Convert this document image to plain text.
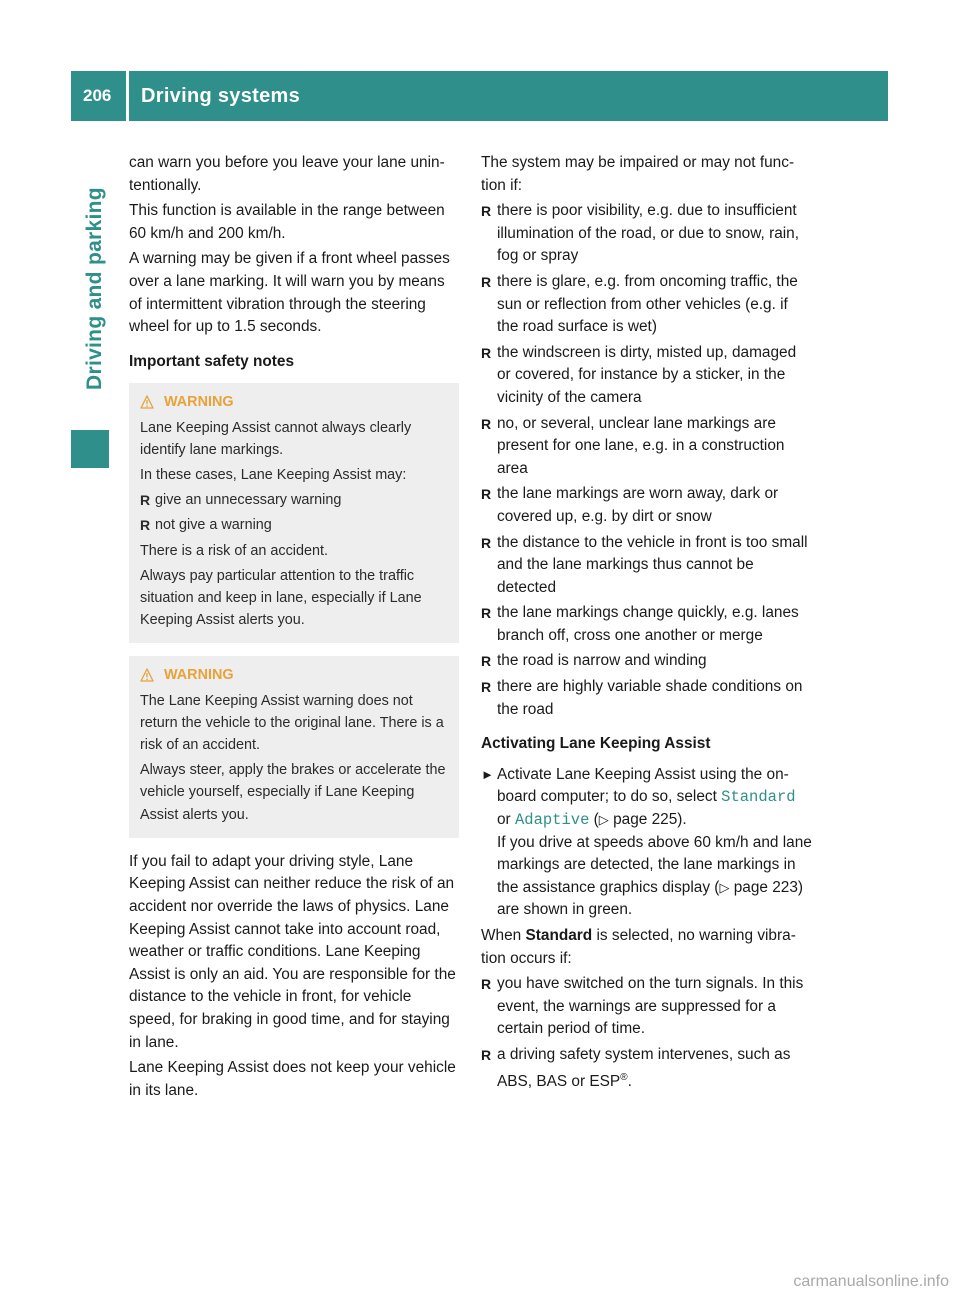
206	Driving systems
Driving and parking

can warn you before you leave your lane unintentionally.

This function is available in the range between 60 km/h and 200 km/h.

A warning may be given if a front wheel passes over a lane marking. It will warn you by means of intermittent vibration through the steering wheel for up to 1.5 seconds.

Important safety notes

WARNING

Lane Keeping Assist cannot always clearly identify lane markings.

In these cases, Lane Keeping Assist may:

R give an unnecessary warning
R not give a warning

There is a risk of an accident.

Always pay particular attention to the traffic situation and keep in lane, especially if Lane Keeping Assist alerts you.

WARNING

The Lane Keeping Assist warning does not return the vehicle to the original lane. There is a risk of an accident.

Always steer, apply the brakes or accelerate the vehicle yourself, especially if Lane Keeping Assist alerts you.

If you fail to adapt your driving style, Lane Keeping Assist can neither reduce the risk of an accident nor override the laws of physics. Lane Keeping Assist cannot take into account road, weather or traffic conditions. Lane Keeping Assist is only an aid. You are responsible for the distance to the vehicle in front, for vehicle speed, for braking in good time, and for staying in lane.

Lane Keeping Assist does not keep your vehicle in its lane.

The system may be impaired or may not function if:

R there is poor visibility, e.g. due to insufficient illumination of the road, or due to snow, rain, fog or spray
R there is glare, e.g. from oncoming traffic, the sun or reflection from other vehicles (e.g. if the road surface is wet)
R the windscreen is dirty, misted up, damaged or covered, for instance by a sticker, in the vicinity of the camera
R no, or several, unclear lane markings are present for one lane, e.g. in a construction area
R the lane markings are worn away, dark or covered up, e.g. by dirt or snow
R the distance to the vehicle in front is too small and the lane markings thus cannot be detected
R the lane markings change quickly, e.g. lanes branch off, cross one another or merge
R the road is narrow and winding
R there are highly variable shade conditions on the road

Activating Lane Keeping Assist

► Activate Lane Keeping Assist using the onboard computer; to do so, select Standard or Adaptive (▷ page 225).
If you drive at speeds above 60 km/h and lane markings are detected, the lane markings in the assistance graphics display (▷ page 223) are shown in green.

When Standard is selected, no warning vibration occurs if:

R you have switched on the turn signals. In this event, the warnings are suppressed for a certain period of time.
R a driving safety system intervenes, such as ABS, BAS or ESP®.
carmanualsonline.info
